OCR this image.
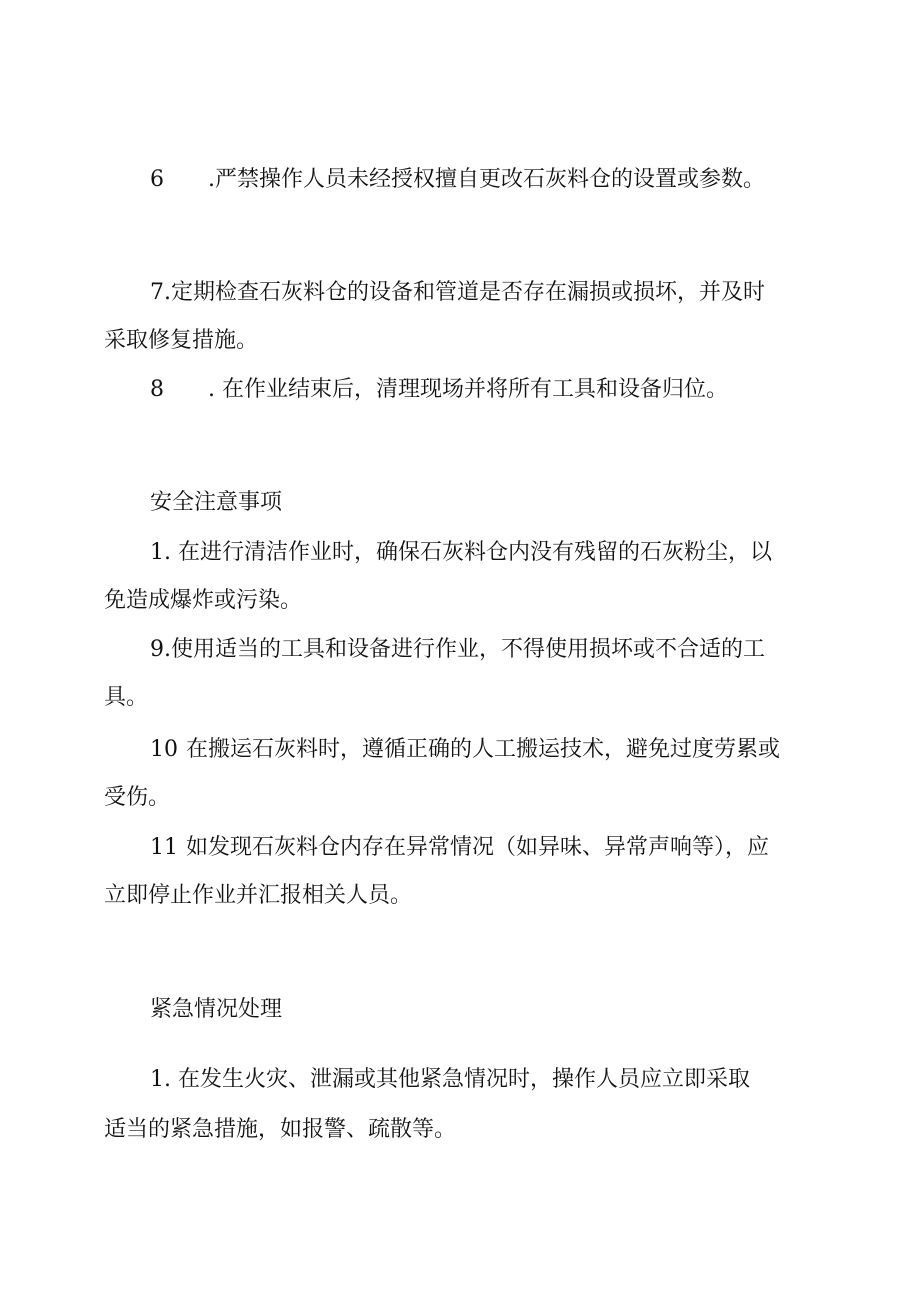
6 .严禁操作人员未经授权擅自更改石灰料仓的设置或参数。

7.定期检查石灰料仓的设备和管道是否存在漏损或损坏，并及时

采取修复措施。

8 . 在作业结束后，清理现场并将所有工具和设备归位。

安全注意事项

1. 在进行清洁作业时，确保石灰料仓内没有残留的石灰粉尘，以

免造成爆炸或污染。

9.使用适当的工具和设备进行作业，不得使用损坏或不合适的工

具。

10 在搬运石灰料时，遵循正确的人工搬运技术，避免过度劳累或

受伤。

11 如发现石灰料仓内存在异常情况（如异味、异常声响等），应

立即停止作业并汇报相关人员。

紧急情况处理

1. 在发生火灾、泄漏或其他紧急情况时，操作人员应立即采取

适当的紧急措施，如报警、疏散等。
